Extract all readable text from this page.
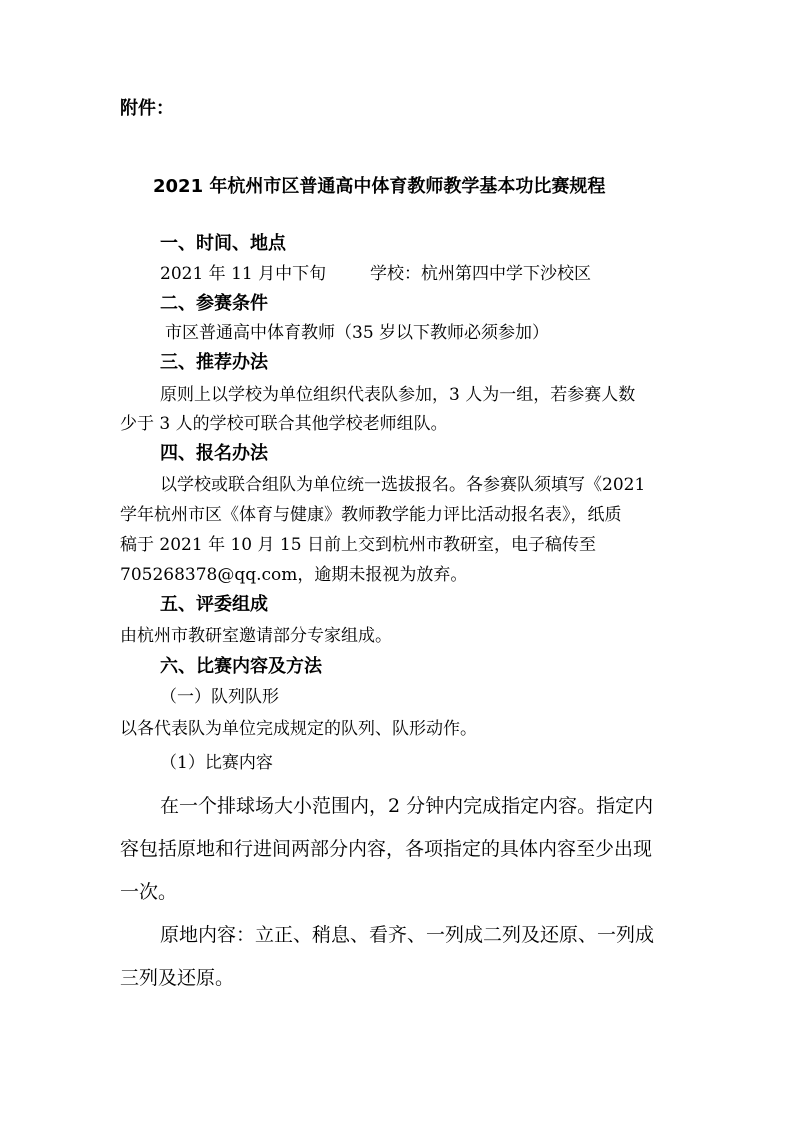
附件：
2021 年杭州市区普通高中体育教师教学基本功比赛规程
一、时间、地点
2021 年 11 月中下旬	学校：杭州第四中学下沙校区
二、参赛条件
市区普通高中体育教师（35 岁以下教师必须参加）
三、推荐办法
原则上以学校为单位组织代表队参加，3 人为一组，若参赛人数
少于 3 人的学校可联合其他学校老师组队。
四、报名办法
以学校或联合组队为单位统一选拔报名。各参赛队须填写《2021
学年杭州市区《体育与健康》教师教学能力评比活动报名表》，纸质
稿于 2021 年 10 月 15 日前上交到杭州市教研室，电子稿传至
705268378@qq.com，逾期未报视为放弃。
五、评委组成
由杭州市教研室邀请部分专家组成。
六、比赛内容及方法
（一）队列队形
以各代表队为单位完成规定的队列、队形动作。
（1）比赛内容
在一个排球场大小范围内，2 分钟内完成指定内容。指定内
容包括原地和行进间两部分内容，各项指定的具体内容至少出现
一次。
原地内容：立正、稍息、看齐、一列成二列及还原、一列成
三列及还原。
